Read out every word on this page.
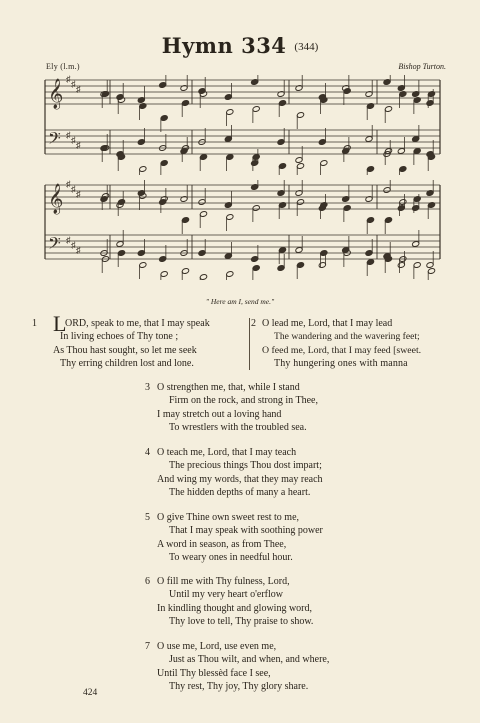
Hymn 334 (344)
Ely (l.m.)	Bishop Turton.
𝄞
𝄢
♯
♯
♯
♯
♯
♯
𝄞
𝄢
♯
♯
♯
♯
♯
♯
" Here am I, send me."
1 L
ORD, speak to me, that I may speak
In living echoes of Thy tone ;
As Thou hast sought, so let me seek
Thy erring children lost and lone.
2 O lead me, Lord, that I may lead
The wandering and the wavering feet;
O feed me, Lord, that I may feed [sweet.
Thy hungering ones with manna
3 O strengthen me, that, while I stand
Firm on the rock, and strong in Thee,
I may stretch out a loving hand
To wrestlers with the troubled sea.
4 O teach me, Lord, that I may teach
The precious things Thou dost impart;
And wing my words, that they may reach
The hidden depths of many a heart.
5 O give Thine own sweet rest to me,
That I may speak with soothing power
A word in season, as from Thee,
To weary ones in needful hour.
6 O fill me with Thy fulness, Lord,
Until my very heart o'erflow
In kindling thought and glowing word,
Thy love to tell, Thy praise to show.
7 O use me, Lord, use even me,
Just as Thou wilt, and when, and where,
Until Thy blessèd face I see,
Thy rest, Thy joy, Thy glory share.
424
